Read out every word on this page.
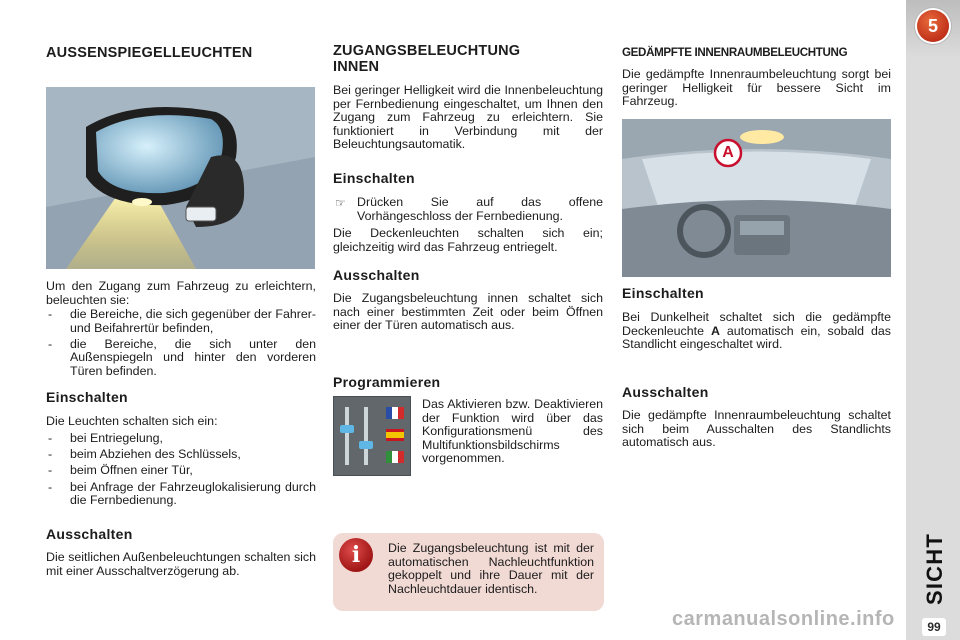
5
SICHT
99
AUSSENSPIEGELLEUCHTEN

Um den Zugang zum Fahrzeug zu erleichtern, beleuchten sie:

- die Bereiche, die sich gegenüber der Fahrer- und Beifahrertür befinden,
- die Bereiche, die sich unter den Außenspiegeln und hinter den vorderen Türen befinden.
Einschalten

Die Leuchten schalten sich ein:

- bei Entriegelung,
- beim Abziehen des Schlüssels,
- beim Öffnen einer Tür,
- bei Anfrage der Fahrzeuglokalisierung durch die Fernbedienung.
Ausschalten

Die seitlichen Außenbeleuchtungen schalten sich mit einer Ausschaltverzögerung ab.

ZUGANGSBELEUCHTUNG
INNEN

Bei geringer Helligkeit wird die Innenbeleuchtung per Fernbedienung eingeschaltet, um Ihnen den Zugang zum Fahrzeug zu erleichtern. Sie funktioniert in Verbindung mit der Beleuchtungsautomatik.

Einschalten
☞ Drücken Sie auf das offene Vorhängeschloss der Fernbedienung.

Die Deckenleuchten schalten sich ein; gleichzeitig wird das Fahrzeug entriegelt.

Ausschalten

Die Zugangsbeleuchtung innen schaltet sich nach einer bestimmten Zeit oder beim Öffnen einer der Türen automatisch aus.

Programmieren

Das Aktivieren bzw. Deaktivieren der Funktion wird über das Konfigurationsmenü des Multifunktionsbildschirms vorgenommen.

i	Die Zugangsbeleuchtung ist mit der automatischen Nachleuchtfunktion gekoppelt und ihre Dauer mit der Nachleuchtdauer identisch.

GEDÄMPFTE INNENRAUMBELEUCHTUNG

Die gedämpfte Innenraumbeleuchtung sorgt bei geringer Helligkeit für bessere Sicht im Fahrzeug.

A
Einschalten

Bei Dunkelheit schaltet sich die gedämpfte Deckenleuchte A automatisch ein, sobald das Standlicht eingeschaltet wird.

Ausschalten

Die gedämpfte Innenraumbeleuchtung schaltet sich beim Ausschalten des Standlichts automatisch aus.

carmanualsonline.info
